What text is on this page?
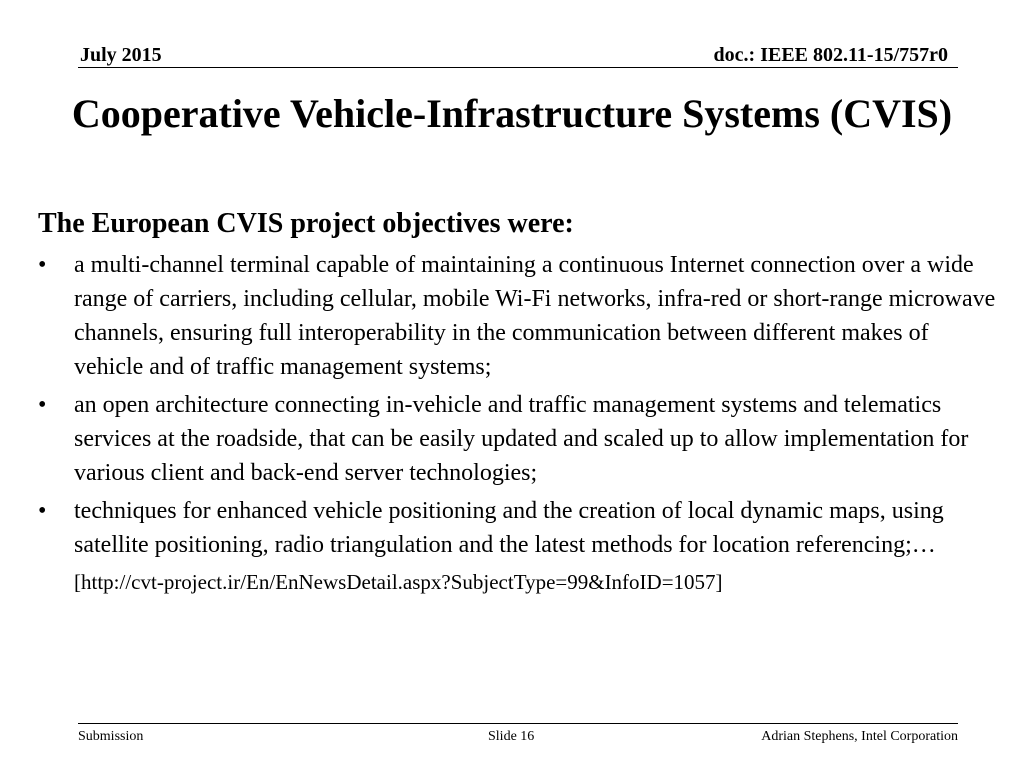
July 2015	doc.: IEEE 802.11-15/757r0
Cooperative Vehicle-Infrastructure Systems (CVIS)
The European CVIS project objectives were:
•	a multi-channel terminal capable of maintaining a continuous Internet connection over a wide range of carriers, including cellular, mobile Wi-Fi networks, infra-red or short-range microwave channels, ensuring full interoperability in the communication between different makes of vehicle and of traffic management systems;
•	an open architecture connecting in-vehicle and traffic management systems and telematics services at the roadside, that can be easily updated and scaled up to allow implementation for various client and back-end server technologies;
•	techniques for enhanced vehicle positioning and the creation of local dynamic maps, using satellite positioning, radio triangulation and the latest methods for location referencing;…
[http://cvt-project.ir/En/EnNewsDetail.aspx?SubjectType=99&InfoID=1057]
Submission	Slide 16	Adrian Stephens, Intel Corporation
